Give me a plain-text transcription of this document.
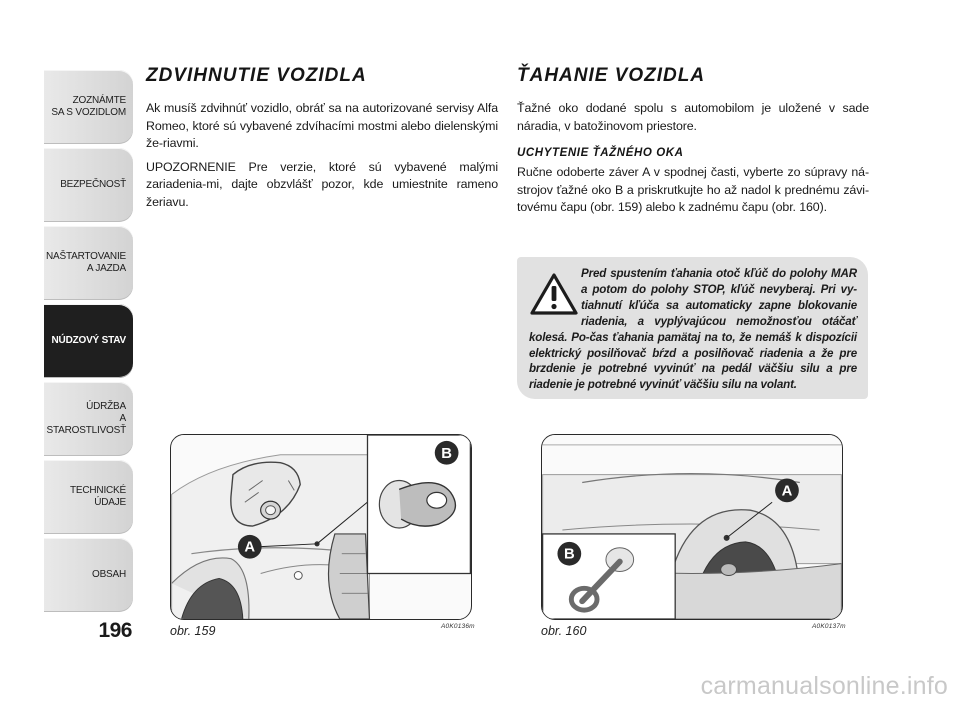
ZOZNÁMTE
SA S VOZIDLOM
BEZPEČNOSŤ
NAŠTARTOVANIE
A JAZDA
NÚDZOVÝ STAV
ÚDRŽBA
A STAROSTLIVOSŤ
TECHNICKÉ
ÚDAJE
OBSAH
196
ZDVIHNUTIE VOZIDLA

Ak musíš zdvihnúť vozidlo, obráť sa na autorizované servisy Alfa Romeo, ktoré sú vybavené zdvíhacími mostmi alebo dielenskými že-riavmi.

UPOZORNENIE Pre verzie, ktoré sú vybavené malými zariadenia-mi, dajte obzvlášť pozor, kde umiestnite rameno žeriavu.

ŤAHANIE VOZIDLA

Ťažné oko dodané spolu s automobilom je uložené v sade náradia, v batožinovom priestore.

UCHYTENIE ŤAŽNÉHO OKA

Ručne odoberte záver A v spodnej časti, vyberte zo súpravy ná-strojov ťažné oko B a priskrutkujte ho až nadol k prednému závi-tovému čapu (obr. 159) alebo k zadnému čapu (obr. 160).

Pred spustením ťahania otoč kľúč do polohy MAR a potom do polohy STOP, kľúč nevyberaj. Pri vy-tiahnutí kľúča sa automaticky zapne blokovanie riadenia, a vyplývajúcou nemožnosťou otáčať kolesá. Po-čas ťahania pamätaj na to, že nemáš k dispozícii elektrický posilňovač bŕzd a posilňovač riadenia a že pre brzdenie je potrebné vyvinúť na pedál väčšiu silu a pre riadenie je potrebné vyvinúť väčšiu silu na volant.
B
A
obr. 159	A0K0136m
A
B
obr. 160	A0K0137m
carmanualsonline.info
